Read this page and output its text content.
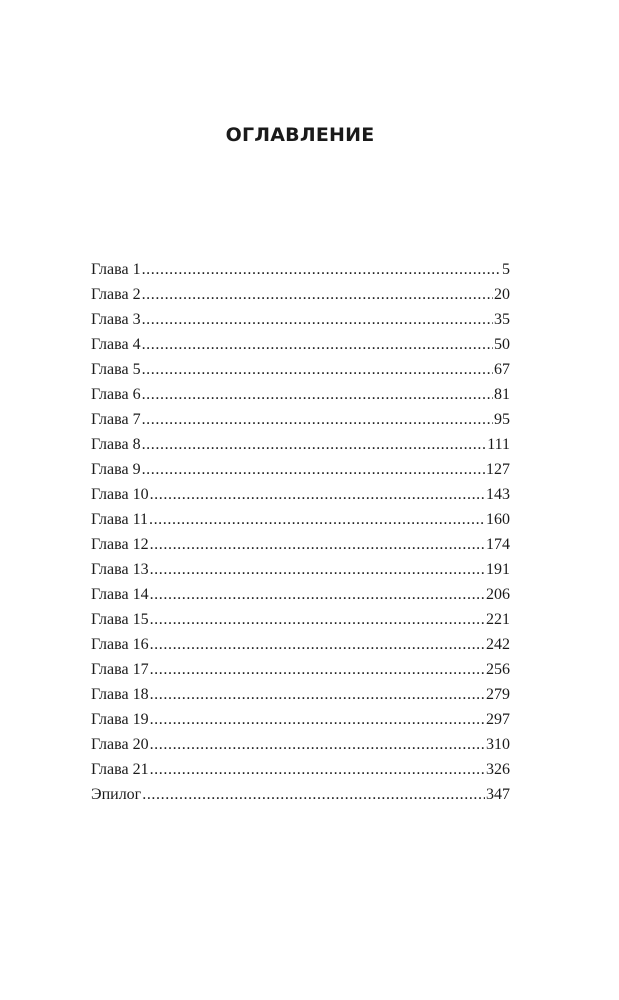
ОГЛАВЛЕНИЕ
Глава 1 .....	5
Глава 2 .....	20
Глава 3 .....	35
Глава 4 .....	50
Глава 5 .....	67
Глава 6 .....	81
Глава 7 .....	95
Глава 8 .....	111
Глава 9 .....	127
Глава 10 .....	143
Глава 11 .....	160
Глава 12 .....	174
Глава 13 .....	191
Глава 14 .....	206
Глава 15 .....	221
Глава 16 .....	242
Глава 17 .....	256
Глава 18 .....	279
Глава 19 .....	297
Глава 20 .....	310
Глава 21 .....	326
Эпилог .....	347
